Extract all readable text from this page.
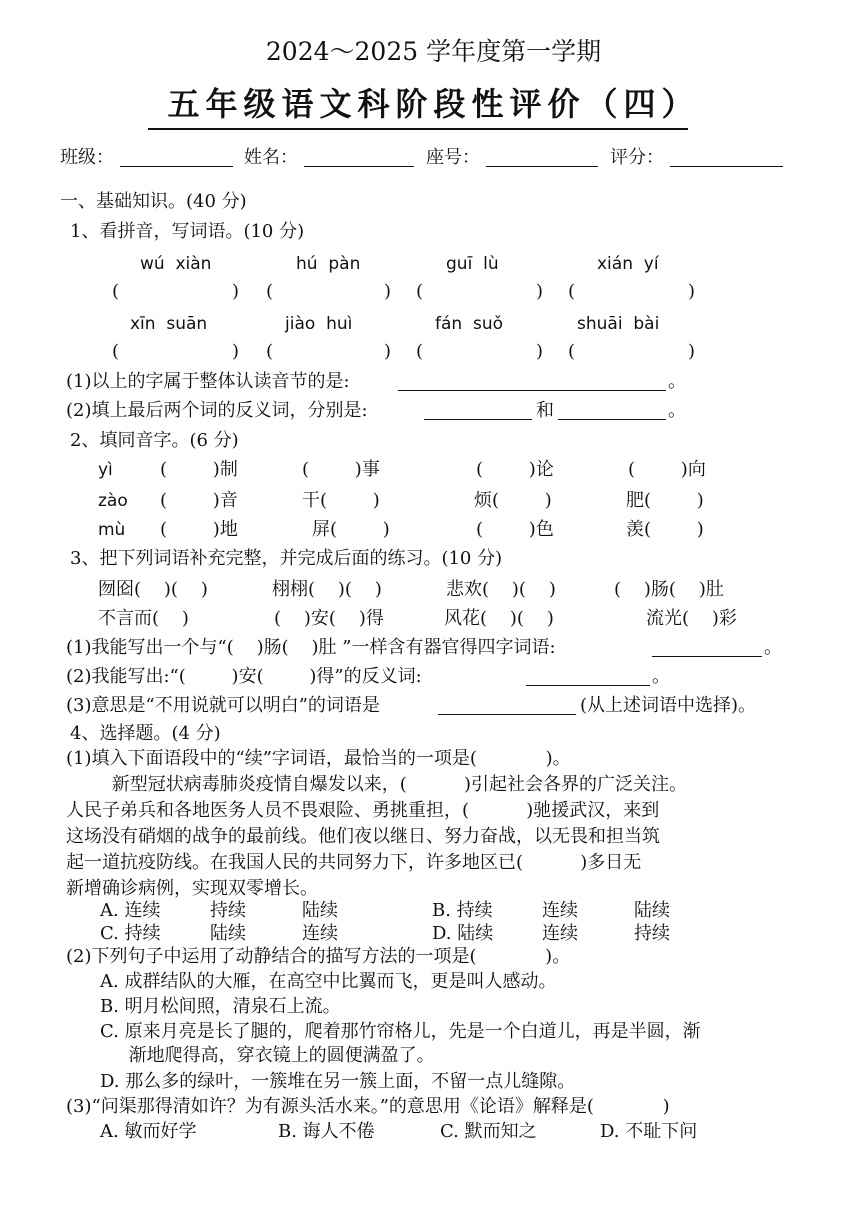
2024～2025 学年度第一学期
五年级语文科阶段性评价（四）
班级：	姓名：	座号：	评分：
一、基础知识。(40 分)
1、看拼音，写词语。(10 分)
wú  xiàn	hú  pàn	guī  lù	xián  yí
(	) (	) (	) (	)
xīn  suān	jiào  huì	fán  suǒ	shuāi  bài
(	) (	) (	) (	)
(1)以上的字属于整体认读音节的是:	。
(2)填上最后两个词的反义词，分别是:	和	。
2、填同音字。(6 分)
yì	(        )制	(        )事	(        )论	(        )向
zào (        )音	干(        )	烦(        )	肥(        )
mù (        )地	屏(        )	(        )色	羡(        )
3、把下列词语补充完整，并完成后面的练习。(10 分)
囫囵(    )(    )	栩栩(    )(    )	悲欢(    )(    )	(    )肠(    )肚
不言而(    )	(    )安(    )得	风花(    )(    )	流光(    )彩
(1)我能写出一个与“(    )肠(    )肚 ”一样含有器官得四字词语:	。
(2)我能写出:“(        )安(        )得”的反义词:	。
(3)意思是“不用说就可以明白”的词语是	(从上述词语中选择)。
4、选择题。(4 分)
(1)填入下面语段中的“续”字词语，最恰当的一项是(            )。
新型冠状病毒肺炎疫情自爆发以来，(          )引起社会各界的广泛关注。
人民子弟兵和各地医务人员不畏艰险、勇挑重担，(          )驰援武汉，来到
这场没有硝烟的战争的最前线。他们夜以继日、努力奋战，以无畏和担当筑
起一道抗疫防线。在我国人民的共同努力下，许多地区已(          )多日无
新增确诊病例，实现双零增长。
A. 连续	持续	陆续	B. 持续	连续	陆续
C. 持续	陆续	连续	D. 陆续	连续	持续
(2)下列句子中运用了动静结合的描写方法的一项是(            )。
A. 成群结队的大雁，在高空中比翼而飞，更是叫人感动。
B. 明月松间照，清泉石上流。
C. 原来月亮是长了腿的，爬着那竹帘格儿，先是一个白道儿，再是半圆，渐
渐地爬得高，穿衣镜上的圆便满盈了。
D. 那么多的绿叶，一簇堆在另一簇上面，不留一点儿缝隙。
(3)“问渠那得清如许？为有源头活水来。”的意思用《论语》解释是(            )
A. 敏而好学	B. 诲人不倦	C. 默而知之	D. 不耻下问
